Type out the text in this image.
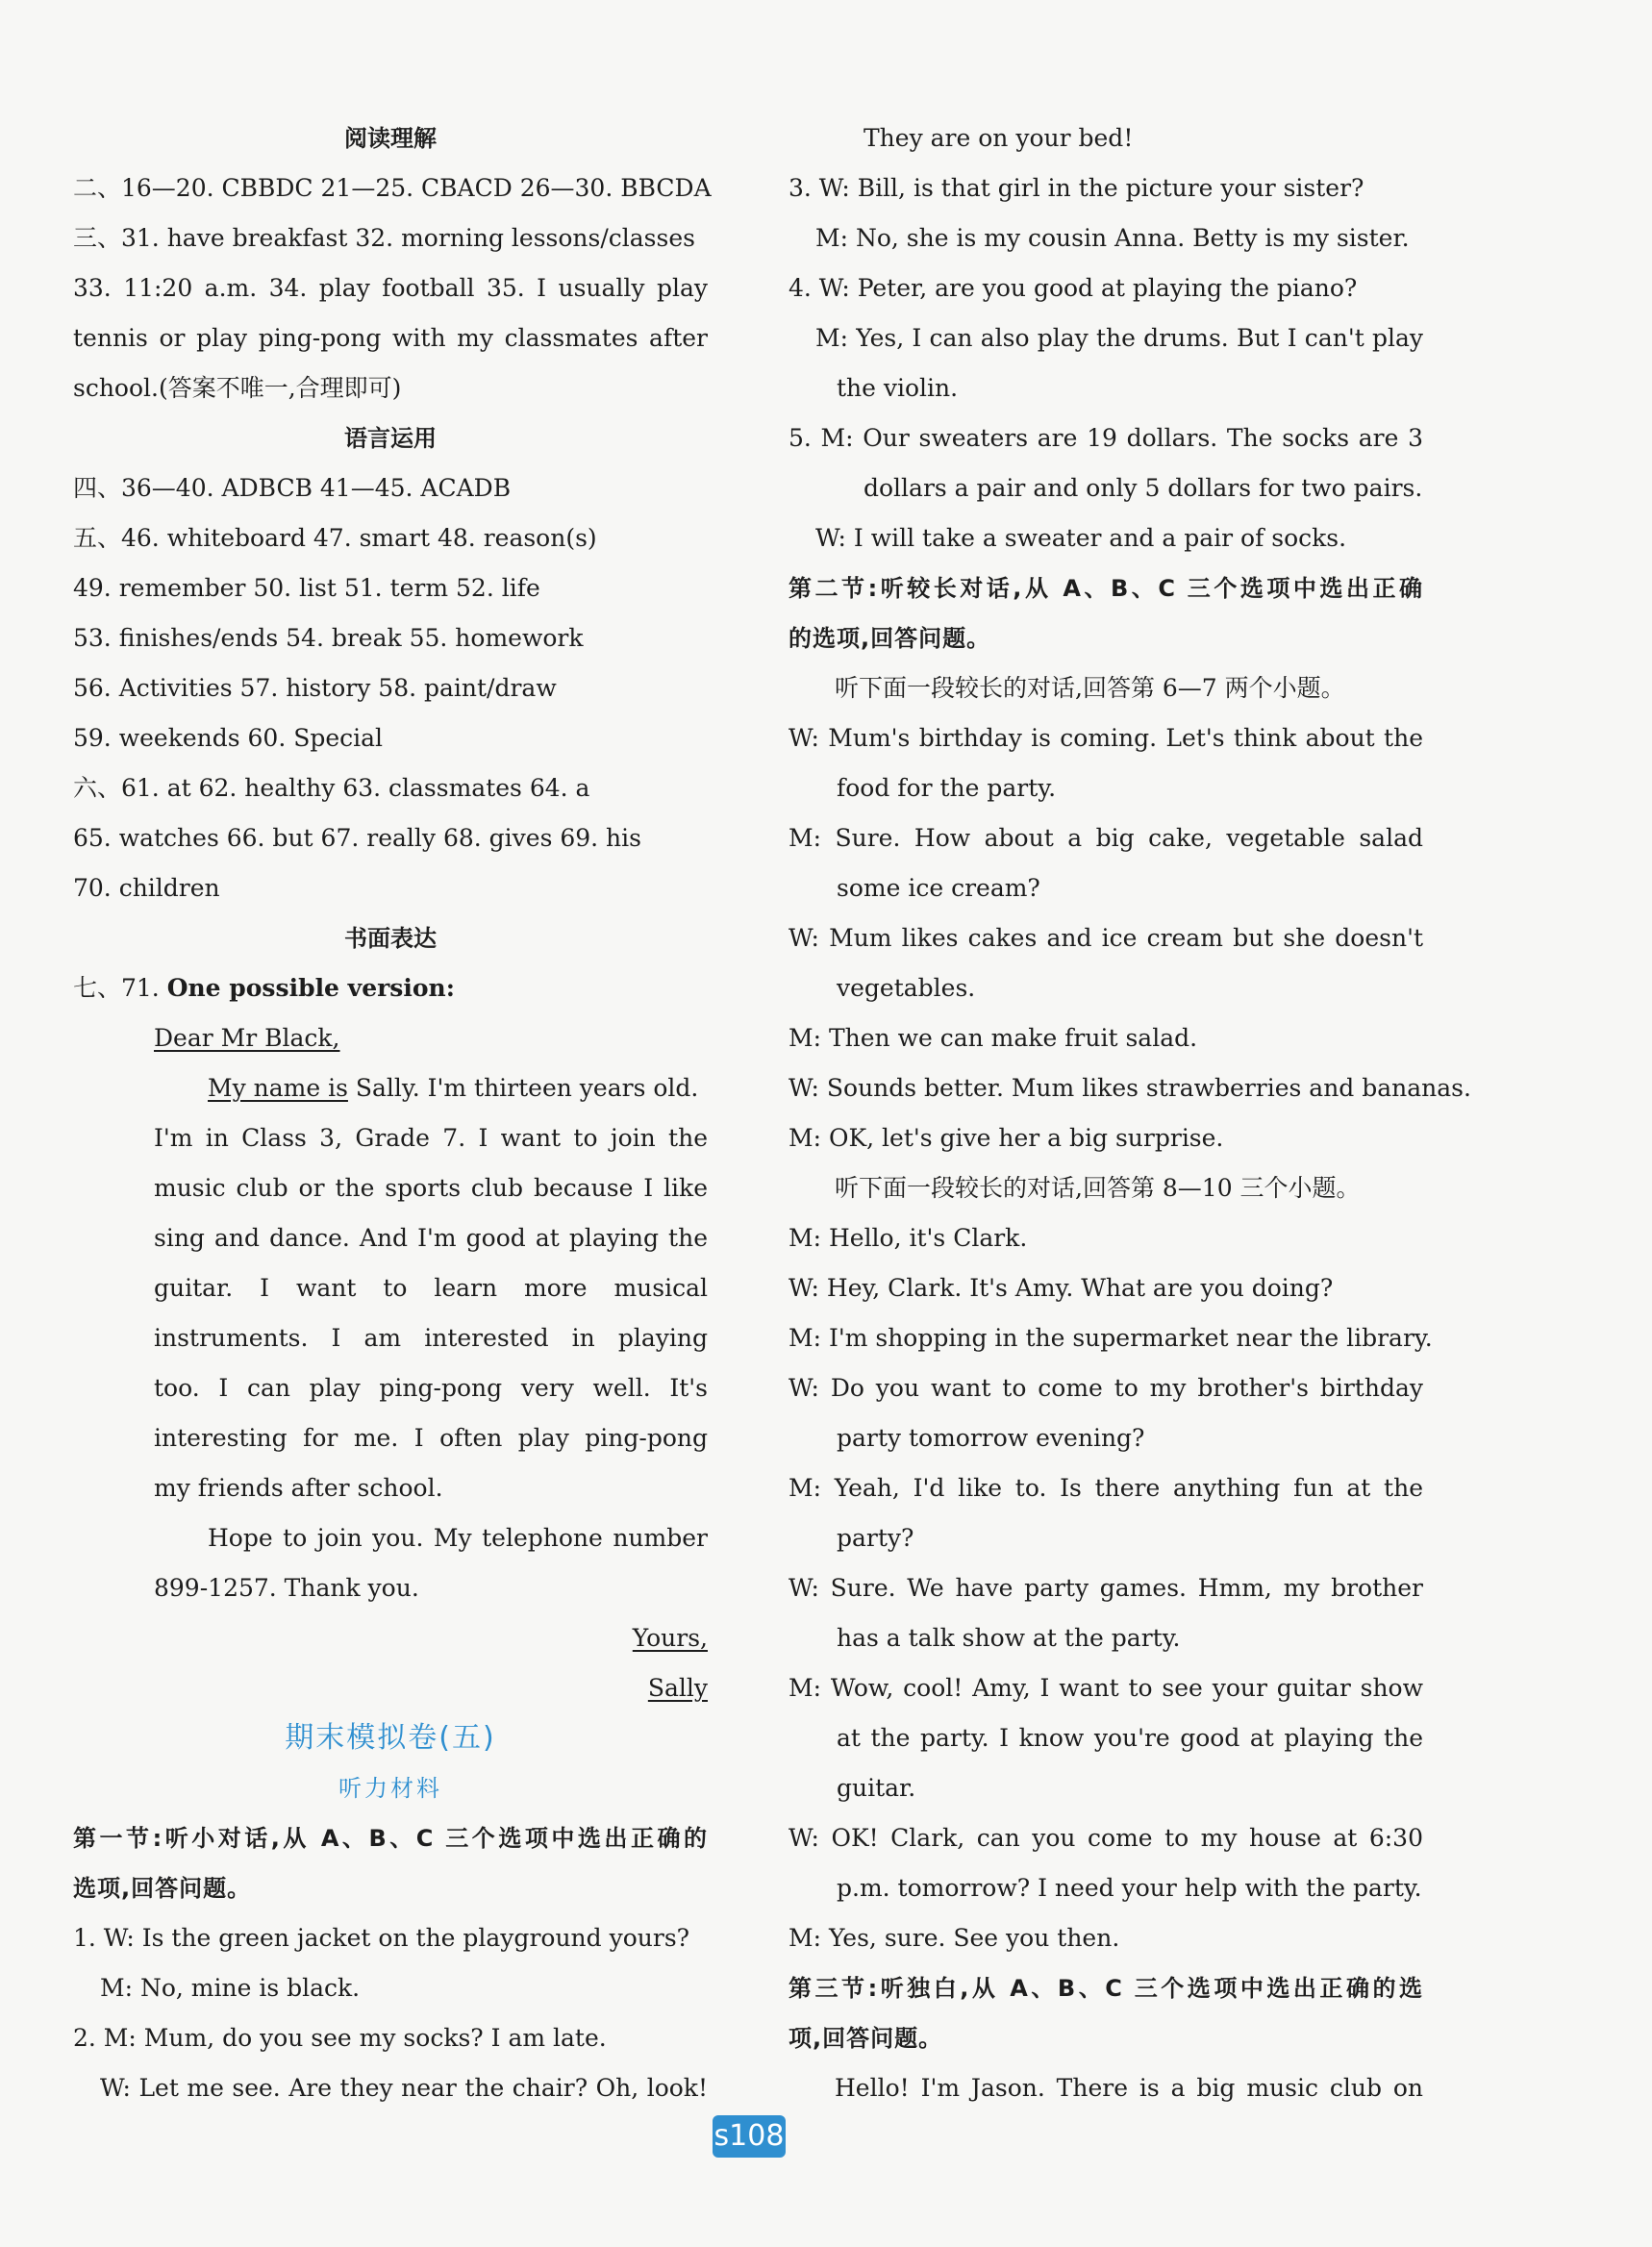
阅读理解
二、16—20. CBBDC 21—25. CBACD 26—30. BBCDA
三、31. have breakfast 32. morning lessons/classes
33. 11:20 a.m. 34. play football 35. I usually play
tennis or play ping-pong with my classmates after
school.(答案不唯一,合理即可)
语言运用
四、36—40. ADBCB 41—45. ACADB
五、46. whiteboard 47. smart 48. reason(s)
49. remember 50. list 51. term 52. life
53. finishes/ends 54. break 55. homework
56. Activities 57. history 58. paint/draw
59. weekends 60. Special
六、61. at 62. healthy 63. classmates 64. a
65. watches 66. but 67. really 68. gives 69. his
70. children
书面表达
七、71. One possible version:
Dear Mr Black,
My name is Sally. I'm thirteen years old.
I'm in Class 3, Grade 7. I want to join the
music club or the sports club because I like
sing and dance. And I'm good at playing the
guitar. I want to learn more musical
instruments. I am interested in playing
too. I can play ping-pong very well. It's
interesting for me. I often play ping-pong
my friends after school.
Hope to join you. My telephone number
899-1257. Thank you.
Yours,
Sally
期末模拟卷(五)
听力材料
第一节:听小对话,从 A、B、C 三个选项中选出正确的
选项,回答问题。
1. W: Is the green jacket on the playground yours?
M: No, mine is black.
2. M: Mum, do you see my socks? I am late.
W: Let me see. Are they near the chair? Oh, look!
They are on your bed!
3. W: Bill, is that girl in the picture your sister?
M: No, she is my cousin Anna. Betty is my sister.
4. W: Peter, are you good at playing the piano?
M: Yes, I can also play the drums. But I can't play
the violin.
5. M: Our sweaters are 19 dollars. The socks are 3
dollars a pair and only 5 dollars for two pairs.
W: I will take a sweater and a pair of socks.
第二节:听较长对话,从 A、B、C 三个选项中选出正确
的选项,回答问题。
听下面一段较长的对话,回答第 6—7 两个小题。
W: Mum's birthday is coming. Let's think about the
food for the party.
M: Sure. How about a big cake, vegetable salad
some ice cream?
W: Mum likes cakes and ice cream but she doesn't
vegetables.
M: Then we can make fruit salad.
W: Sounds better. Mum likes strawberries and bananas.
M: OK, let's give her a big surprise.
听下面一段较长的对话,回答第 8—10 三个小题。
M: Hello, it's Clark.
W: Hey, Clark. It's Amy. What are you doing?
M: I'm shopping in the supermarket near the library.
W: Do you want to come to my brother's birthday
party tomorrow evening?
M: Yeah, I'd like to. Is there anything fun at the
party?
W: Sure. We have party games. Hmm, my brother
has a talk show at the party.
M: Wow, cool! Amy, I want to see your guitar show
at the party. I know you're good at playing the
guitar.
W: OK! Clark, can you come to my house at 6:30
p.m. tomorrow? I need your help with the party.
M: Yes, sure. See you then.
第三节:听独白,从 A、B、C 三个选项中选出正确的选
项,回答问题。
Hello! I'm Jason. There is a big music club on
s108
